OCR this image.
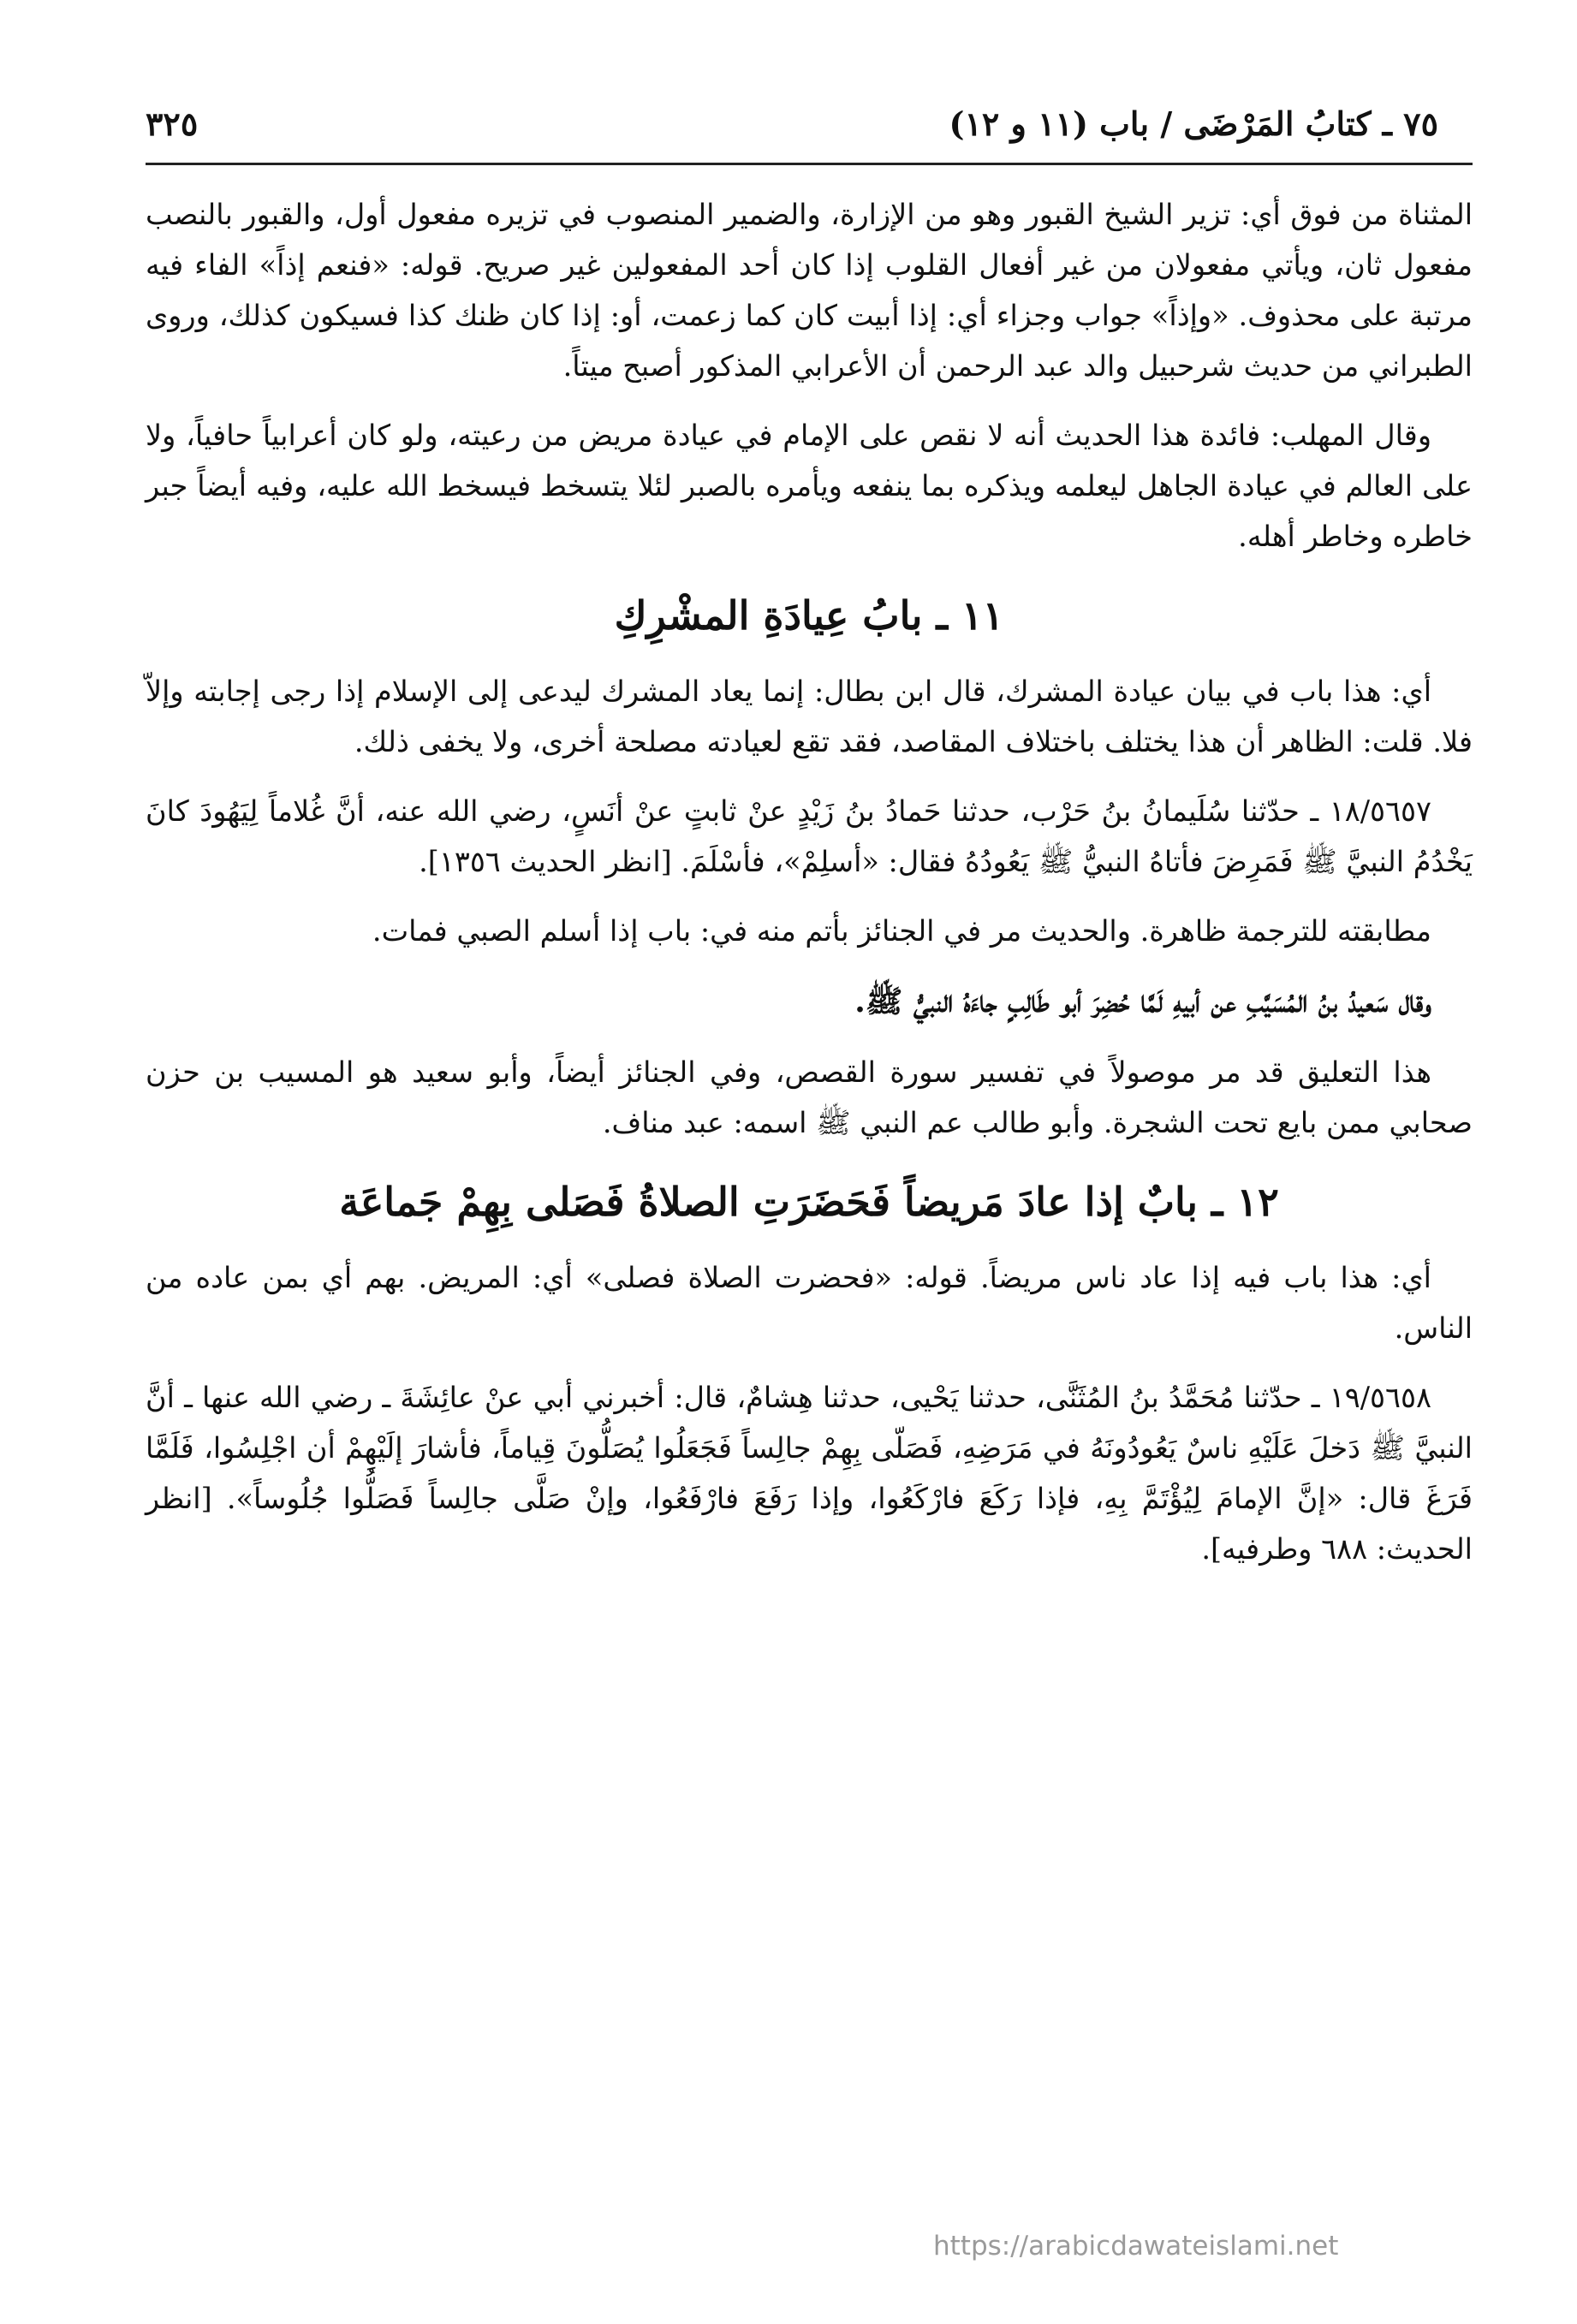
٧٥ ـ كتابُ المَرْضَى / باب (١١ و ١٢)
٣٢٥

المثناة من فوق أي: تزير الشيخ القبور وهو من الإزارة، والضمير المنصوب في تزيره مفعول أول، والقبور بالنصب مفعول ثان، ويأتي مفعولان من غير أفعال القلوب إذا كان أحد المفعولين غير صريح. قوله: «فنعم إذاً» الفاء فيه مرتبة على محذوف. «وإذاً» جواب وجزاء أي: إذا أبيت كان كما زعمت، أو: إذا كان ظنك كذا فسيكون كذلك، وروى الطبراني من حديث شرحبيل والد عبد الرحمن أن الأعرابي المذكور أصبح ميتاً.

وقال المهلب: فائدة هذا الحديث أنه لا نقص على الإمام في عيادة مريض من رعيته، ولو كان أعرابياً حافياً، ولا على العالم في عيادة الجاهل ليعلمه ويذكره بما ينفعه ويأمره بالصبر لئلا يتسخط فيسخط الله عليه، وفيه أيضاً جبر خاطره وخاطر أهله.

١١ ـ بابُ عِيادَةِ المشْرِكِ

أي: هذا باب في بيان عيادة المشرك، قال ابن بطال: إنما يعاد المشرك ليدعى إلى الإسلام إذا رجى إجابته وإلاّ فلا. قلت: الظاهر أن هذا يختلف باختلاف المقاصد، فقد تقع لعيادته مصلحة أخرى، ولا يخفى ذلك.

١٨/٥٦٥٧ ـ حدّثنا سُلَيمانُ بنُ حَرْب، حدثنا حَمادُ بنُ زَيْدٍ عنْ ثابتٍ عنْ أنَسٍ، رضي الله عنه، أنَّ غُلاماً لِيَهُودَ كانَ يَخْدُمُ النبيَّ ﷺ فَمَرِضَ فأتاهُ النبيُّ ﷺ يَعُودُهُ فقال: «أسلِمْ»، فأسْلَمَ. [انظر الحديث ١٣٥٦].

مطابقته للترجمة ظاهرة. والحديث مر في الجنائز بأتم منه في: باب إذا أسلم الصبي فمات.

وقال سَعيدُ بنُ المُسَيَّبِ عن أبيهِ لَمَّا حُضِرَ أبو طَالِبٍ جاءَهُ النبيُّ ﷺ.

هذا التعليق قد مر موصولاً في تفسير سورة القصص، وفي الجنائز أيضاً، وأبو سعيد هو المسيب بن حزن صحابي ممن بايع تحت الشجرة. وأبو طالب عم النبي ﷺ اسمه: عبد مناف.

١٢ ـ بابٌ إذا عادَ مَريضاً فَحَضَرَتِ الصلاةُ فَصَلى بِهِمْ جَماعَة

أي: هذا باب فيه إذا عاد ناس مريضاً. قوله: «فحضرت الصلاة فصلى» أي: المريض. بهم أي بمن عاده من الناس.

١٩/٥٦٥٨ ـ حدّثنا مُحَمَّدُ بنُ المُثَنَّى، حدثنا يَحْيى، حدثنا هِشامٌ، قال: أخبرني أبي عنْ عائِشَةَ ـ رضي الله عنها ـ أنَّ النبيَّ ﷺ دَخلَ عَلَيْهِ ناسٌ يَعُودُونَهُ في مَرَضِهِ، فَصَلّى بِهِمْ جالِساً فَجَعَلُوا يُصَلُّونَ قِياماً، فأشارَ إلَيْهِمْ أن اجْلِسُوا، فَلَمَّا فَرَغَ قال: «إنَّ الإمامَ لِيُؤْتَمَّ بِهِ، فإذا رَكَعَ فارْكَعُوا، وإذا رَفَعَ فارْفَعُوا، وإنْ صَلَّى جالِساً فَصَلُّوا جُلُوساً». [انظر الحديث: ٦٨٨ وطرفيه].

https://arabicdawateislami.net
